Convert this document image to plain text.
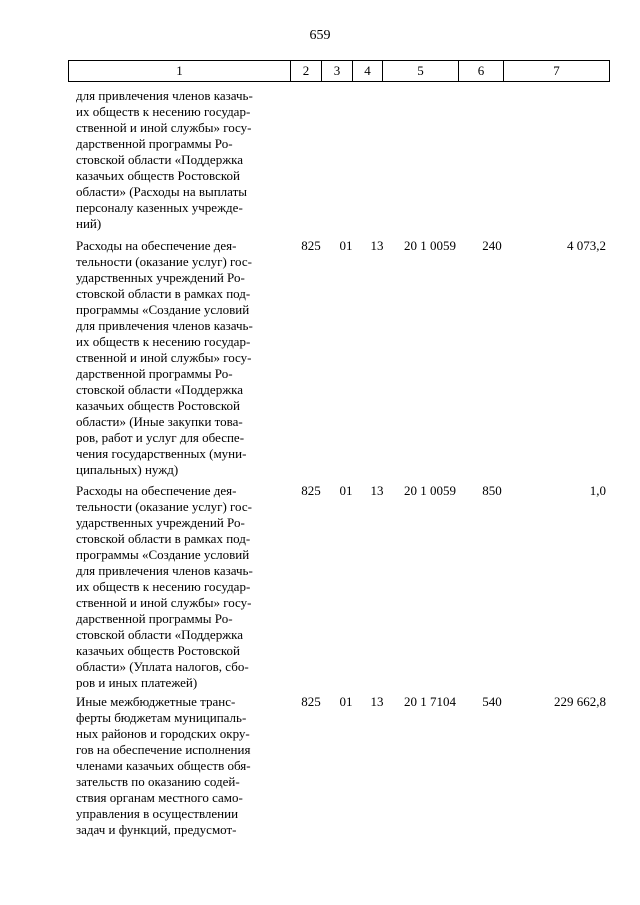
659
1	2	3	4	5	6	7
для привлечения членов казачь-
их обществ к несению государ-
ственной и иной службы» госу-
дарственной программы Ро-
стовской области «Поддержка
казачьих обществ Ростовской
области» (Расходы на выплаты
персоналу казенных учрежде-
ний)
Расходы на обеспечение дея-
тельности (оказание услуг) гос-
ударственных учреждений Ро-
стовской области в рамках под-
программы «Создание условий
для привлечения членов казачь-
их обществ к несению государ-
ственной и иной службы» госу-
дарственной программы Ро-
стовской области «Поддержка
казачьих обществ Ростовской
области» (Иные закупки това-
ров, работ и услуг для обеспе-
чения государственных (муни-
ципальных) нужд)
825	01	13	20 1 0059	240	4 073,2
Расходы на обеспечение дея-
тельности (оказание услуг) гос-
ударственных учреждений Ро-
стовской области в рамках под-
программы «Создание условий
для привлечения членов казачь-
их обществ к несению государ-
ственной и иной службы» госу-
дарственной программы Ро-
стовской области «Поддержка
казачьих обществ Ростовской
области» (Уплата налогов, сбо-
ров и иных платежей)
825	01	13	20 1 0059	850	1,0
Иные межбюджетные транс-
ферты бюджетам муниципаль-
ных районов и городских окру-
гов на обеспечение исполнения
членами казачьих обществ обя-
зательств по оказанию содей-
ствия органам местного само-
управления в осуществлении
задач и функций, предусмот-
825	01	13	20 1 7104	540	229 662,8
